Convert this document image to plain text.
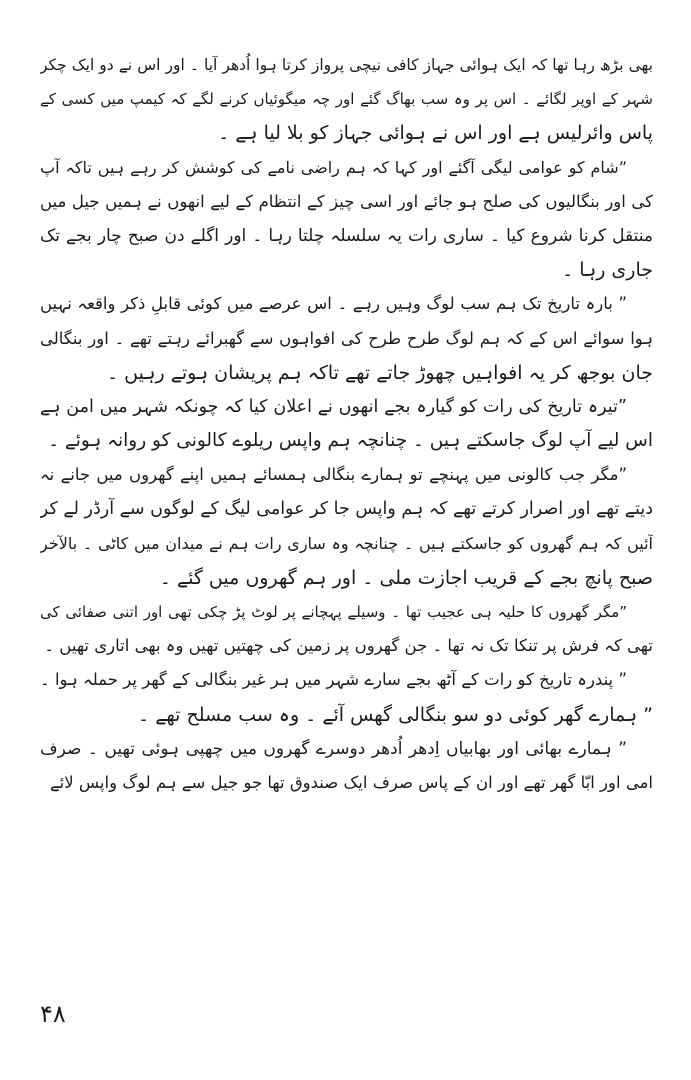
بھی بڑھ رہا تھا کہ ایک ہوائی جہاز کافی نیچی پرواز کرتا ہوا اُدھر آیا ۔ اور اس نے دو ایک چکر
شہر کے اوپر لگائے ۔ اس پر وہ سب بھاگ گئے اور چہ میگوئیاں کرنے لگے کہ کیمپ میں کسی کے
پاس وائرلیس ہے اور اس نے ہوائی جہاز کو بلا لیا ہے ۔
”شام کو عوامی لیگی آگئے اور کہا کہ ہم راضی نامے کی کوشش کر رہے ہیں تاکہ آپ
کی اور بنگالیوں کی صلح ہو جائے اور اسی چیز کے انتظام کے لیے انھوں نے ہمیں جیل میں
منتقل کرنا شروع کیا ۔ ساری رات یہ سلسلہ چلتا رہا ۔ اور اگلے دن صبح چار بجے تک
جاری رہا ۔
” بارہ تاریخ تک ہم سب لوگ وہیں رہے ۔ اس عرصے میں کوئی قابلِ ذکر واقعہ نہیں
ہوا سوائے اس کے کہ ہم لوگ طرح طرح کی افواہوں سے گھبرائے رہتے تھے ۔ اور بنگالی
جان بوجھ کر یہ افواہیں چھوڑ جاتے تھے تاکہ ہم پریشان ہوتے رہیں ۔
”تیرہ تاریخ کی رات کو گیارہ بجے انھوں نے اعلان کیا کہ چونکہ شہر میں امن ہے
اس لیے آپ لوگ جاسکتے ہیں ۔ چنانچہ ہم واپس ریلوے کالونی کو روانہ ہوئے ۔
”مگر جب کالونی میں پہنچے تو ہمارے بنگالی ہمسائے ہمیں اپنے گھروں میں جانے نہ
دیتے تھے اور اصرار کرتے تھے کہ ہم واپس جا کر عوامی لیگ کے لوگوں سے آرڈر لے کر
آئیں کہ ہم گھروں کو جاسکتے ہیں ۔ چنانچہ وہ ساری رات ہم نے میدان میں کاٹی ۔ بالآخر
صبح پانچ بجے کے قریب اجازت ملی ۔ اور ہم گھروں میں گئے ۔
”مگر گھروں کا حلیہ ہی عجیب تھا ۔ وسیلے پہچانے پر لوٹ پڑ چکی تھی اور اتنی صفائی کی
تھی کہ فرش پر تنکا تک نہ تھا ۔ جن گھروں پر زمین کی چھتیں تھیں وہ بھی اتاری تھیں ۔
” پندرہ تاریخ کو رات کے آٹھ بجے سارے شہر میں ہر غیر بنگالی کے گھر پر حملہ ہوا ۔
” ہمارے گھر کوئی دو سو بنگالی گھس آئے ۔ وہ سب مسلح تھے ۔
” ہمارے بھائی اور بھابیاں اِدھر اُدھر دوسرے گھروں میں چھپی ہوئی تھیں ۔ صرف
امی اور ابّا گھر تھے اور ان کے پاس صرف ایک صندوق تھا جو جیل سے ہم لوگ واپس لائے
۴۸
